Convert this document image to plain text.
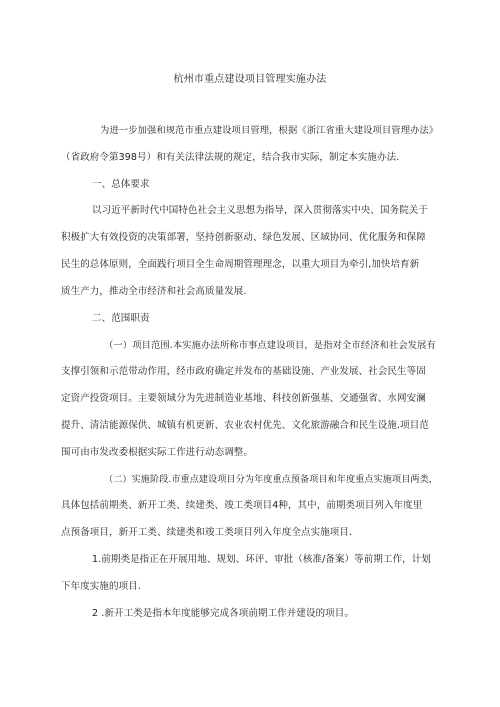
杭州市重点建设项目管理实施办法
为进一步加强和规范市重点建设项目管理，根据《浙江省重大建设项目管理办法》
（省政府令第398号）和有关法律法规的规定，结合我市实际，制定本实施办法.
一、总体要求
以习近平新时代中国特色社会主义思想为指导，深入贯彻落实中央、国务院关于
积极扩大有效投资的决策部署，坚持创新驱动、绿色发展、区域协同、优化服务和保障
民生的总体原则，全面践行项目全生命周期管理理念，以重大项目为牵引,加快培育新
质生产力，推动全市经济和社会高质量发展.
二、范围职责
（一）项目范围.本实施办法所称市事点建设项目，是指对全市经济和社会发展有
支撑引领和示范带动作用，经市政府确定并发布的基础设施、产业发展、社会民生等固
定资产投资项目。主要领域分为先进制造业基地、科技创新强基、交通强省、水网安澜
提升、清洁能源保供、城镇有机更新、农业农村优先、文化旅游融合和民生设施.项目范
围可由市发改委根据实际工作进行动态调整。
（二）实施阶段.市重点建设项目分为年度重点预备项目和年度重点实施项目两类，
具体包括前期类、新开工类、续建类、竣工类项目4种，其中，前期类项目列入年度里
点预备项目，新开工类、续建类和竣工类项目列入年度全点实施项目.
1.前期类是指正在开展用地、规划、环评、审批（核准/备案）等前期工作，计划
下年度实施的项目.
2 .新开工类是指本年度能够完成各项前期工作并建设的项目。
